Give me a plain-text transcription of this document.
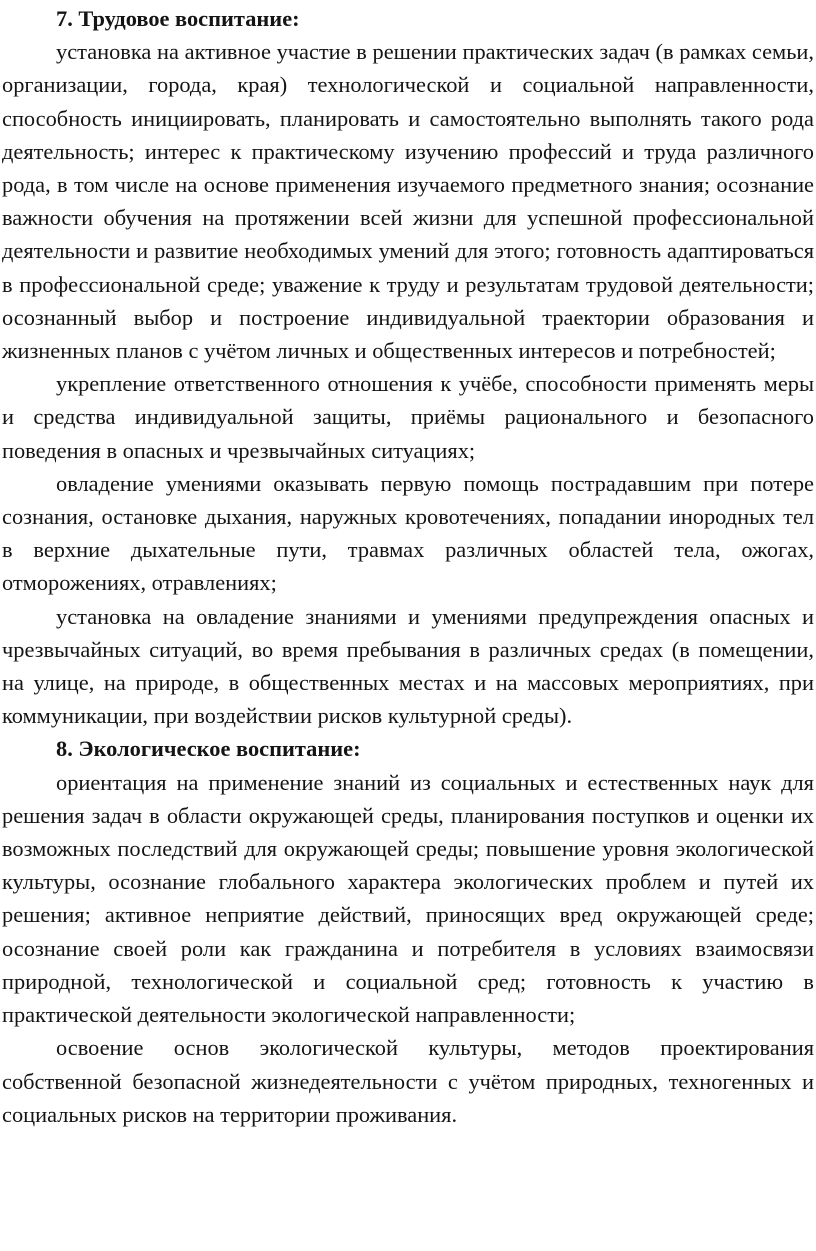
7. Трудовое воспитание:

установка на активное участие в решении практических задач (в рамках семьи, организации, города, края) технологической и социальной направленности, способность инициировать, планировать и самостоятельно выполнять такого рода деятельность; интерес к практическому изучению профессий и труда различного рода, в том числе на основе применения изучаемого предметного знания; осознание важности обучения на протяжении всей жизни для успешной профессиональной деятельности и развитие необходимых умений для этого; готовность адаптироваться в профессиональной среде; уважение к труду и результатам трудовой деятельности; осознанный выбор и построение индивидуальной траектории образования и жизненных планов с учётом личных и общественных интересов и потребностей;

укрепление ответственного отношения к учёбе, способности применять меры и средства индивидуальной защиты, приёмы рационального и безопасного поведения в опасных и чрезвычайных ситуациях;

овладение умениями оказывать первую помощь пострадавшим при потере сознания, остановке дыхания, наружных кровотечениях, попадании инородных тел в верхние дыхательные пути, травмах различных областей тела, ожогах, отморожениях, отравлениях;

установка на овладение знаниями и умениями предупреждения опасных и чрезвычайных ситуаций, во время пребывания в различных средах (в помещении, на улице, на природе, в общественных местах и на массовых мероприятиях, при коммуникации, при воздействии рисков культурной среды).

8. Экологическое воспитание:

ориентация на применение знаний из социальных и естественных наук для решения задач в области окружающей среды, планирования поступков и оценки их возможных последствий для окружающей среды; повышение уровня экологической культуры, осознание глобального характера экологических проблем и путей их решения; активное неприятие действий, приносящих вред окружающей среде; осознание своей роли как гражданина и потребителя в условиях взаимосвязи природной, технологической и социальной сред; готовность к участию в практической деятельности экологической направленности;

освоение основ экологической культуры, методов проектирования собственной безопасной жизнедеятельности с учётом природных, техногенных и социальных рисков на территории проживания.
